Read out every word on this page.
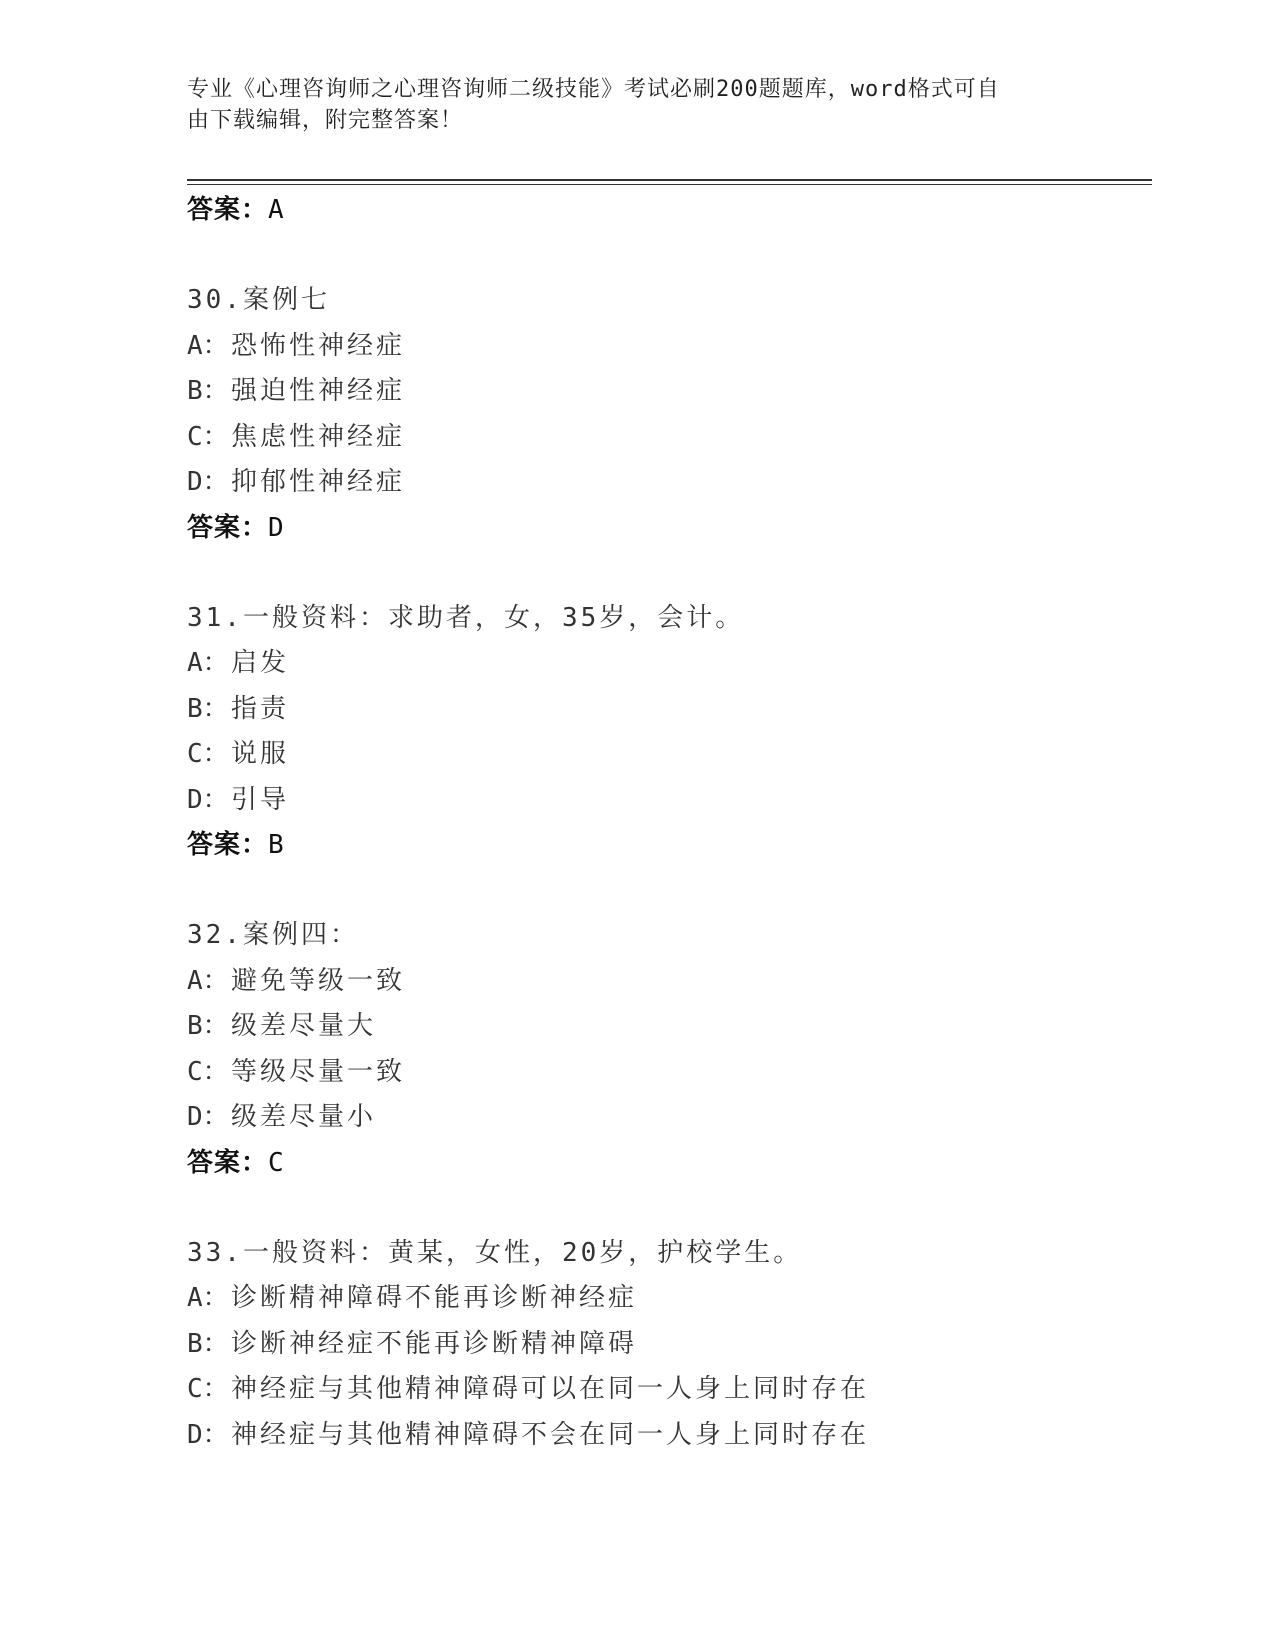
专业《心理咨询师之心理咨询师二级技能》考试必刷200题题库，word格式可自
由下载编辑，附完整答案！
答案：A
30.案例七
A：恐怖性神经症
B：强迫性神经症
C：焦虑性神经症
D：抑郁性神经症
答案：D
31.一般资料：求助者，女，35岁，会计。
A：启发
B：指责
C：说服
D：引导
答案：B
32.案例四：
A：避免等级一致
B：级差尽量大
C：等级尽量一致
D：级差尽量小
答案：C
33.一般资料：黄某，女性，20岁，护校学生。
A：诊断精神障碍不能再诊断神经症
B：诊断神经症不能再诊断精神障碍
C：神经症与其他精神障碍可以在同一人身上同时存在
D：神经症与其他精神障碍不会在同一人身上同时存在
